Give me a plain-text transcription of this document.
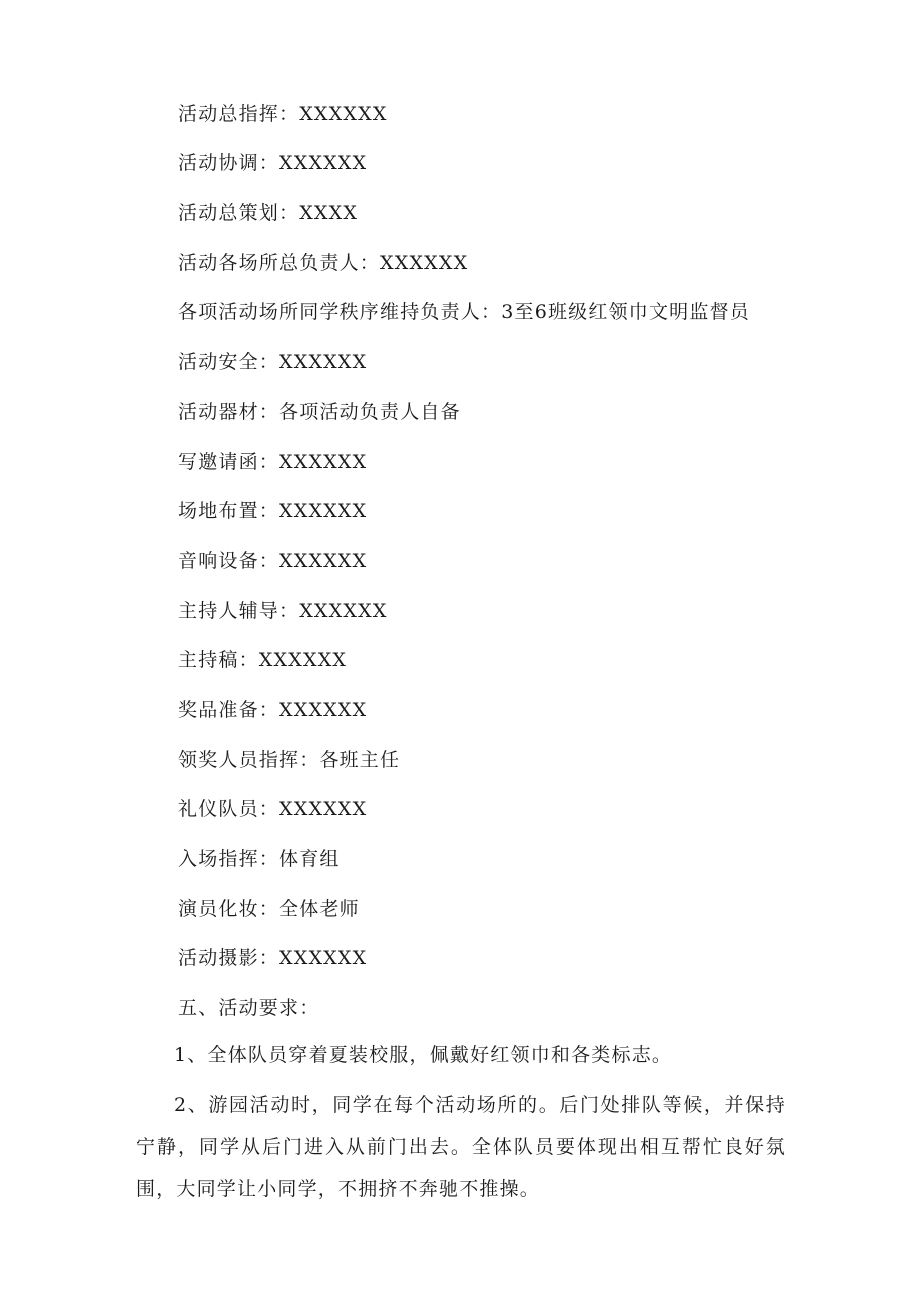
活动总指挥：XXXXXX
活动协调：XXXXXX
活动总策划：XXXX
活动各场所总负责人：XXXXXX
各项活动场所同学秩序维持负责人：3至6班级红领巾文明监督员
活动安全：XXXXXX
活动器材：各项活动负责人自备
写邀请函：XXXXXX
场地布置：XXXXXX
音响设备：XXXXXX
主持人辅导：XXXXXX
主持稿：XXXXXX
奖品准备：XXXXXX
领奖人员指挥：各班主任
礼仪队员：XXXXXX
入场指挥：体育组
演员化妆：全体老师
活动摄影：XXXXXX
五、活动要求：
1、全体队员穿着夏装校服，佩戴好红领巾和各类标志。
2、游园活动时，同学在每个活动场所的。后门处排队等候，并保持宁静，同学从后门进入从前门出去。全体队员要体现出相互帮忙良好氛围，大同学让小同学，不拥挤不奔驰不推操。
